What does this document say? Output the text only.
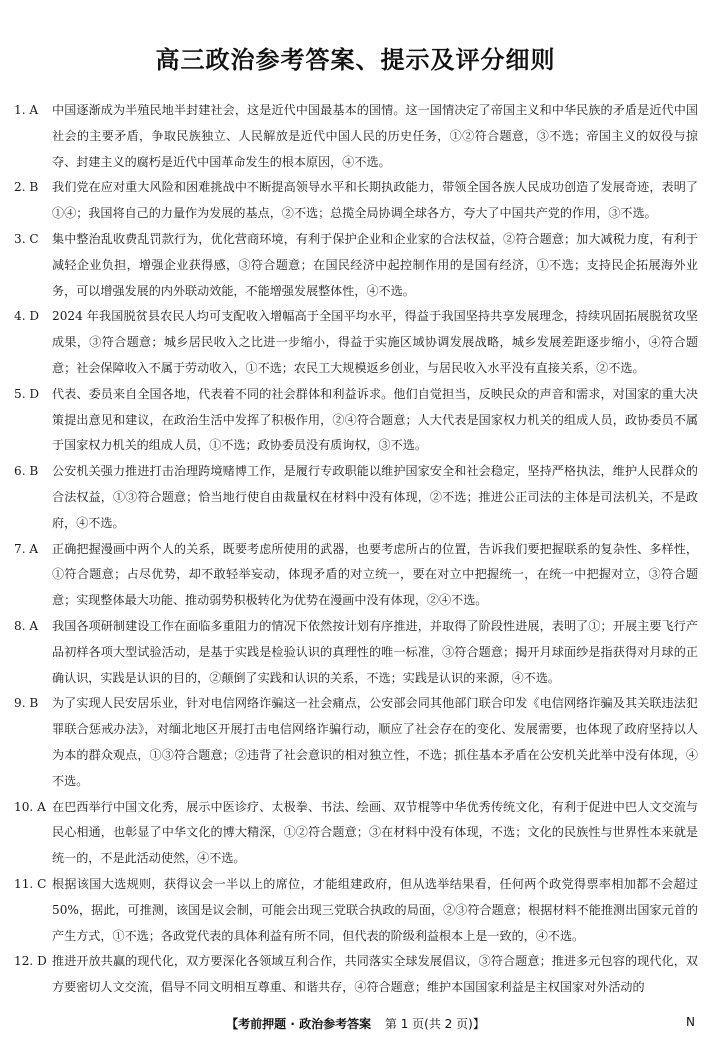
高三政治参考答案、提示及评分细则
1. A	中国逐渐成为半殖民地半封建社会，这是近代中国最基本的国情。这一国情决定了帝国主义和中华民族的矛盾是近代中国社会的主要矛盾，争取民族独立、人民解放是近代中国人民的历史任务，①②符合题意，③不选；帝国主义的奴役与掠夺、封建主义的腐朽是近代中国革命发生的根本原因，④不选。
2. B	我们党在应对重大风险和困难挑战中不断提高领导水平和长期执政能力，带领全国各族人民成功创造了发展奇迹，表明了①④；我国将自己的力量作为发展的基点，②不选；总揽全局协调全球各方，夸大了中国共产党的作用，③不选。
3. C	集中整治乱收费乱罚款行为，优化营商环境，有利于保护企业和企业家的合法权益，②符合题意；加大减税力度，有利于减轻企业负担，增强企业获得感，③符合题意；在国民经济中起控制作用的是国有经济，①不选；支持民企拓展海外业务，可以增强发展的内外联动效能，不能增强发展整体性，④不选。
4. D	2024 年我国脱贫县农民人均可支配收入增幅高于全国平均水平，得益于我国坚持共享发展理念，持续巩固拓展脱贫攻坚成果，③符合题意；城乡居民收入之比进一步缩小，得益于实施区域协调发展战略，城乡发展差距逐步缩小，④符合题意；社会保障收入不属于劳动收入，①不选；农民工大规模返乡创业，与居民收入水平没有直接关系，②不选。
5. D	代表、委员来自全国各地，代表着不同的社会群体和利益诉求。他们自觉担当，反映民众的声音和需求，对国家的重大决策提出意见和建议，在政治生活中发挥了积极作用，②④符合题意；人大代表是国家权力机关的组成人员，政协委员不属于国家权力机关的组成人员，①不选；政协委员没有质询权，③不选。
6. B	公安机关强力推进打击治理跨境赌博工作，是履行专政职能以维护国家安全和社会稳定，坚持严格执法，维护人民群众的合法权益，①③符合题意；恰当地行使自由裁量权在材料中没有体现，②不选；推进公正司法的主体是司法机关，不是政府，④不选。
7. A	正确把握漫画中两个人的关系，既要考虑所使用的武器，也要考虑所占的位置，告诉我们要把握联系的复杂性、多样性，①符合题意；占尽优势，却不敢轻举妄动，体现矛盾的对立统一，要在对立中把握统一，在统一中把握对立，③符合题意；实现整体最大功能、推动弱势积极转化为优势在漫画中没有体现，②④不选。
8. A	我国各项研制建设工作在面临多重阻力的情况下依然按计划有序推进，并取得了阶段性进展，表明了①；开展主要飞行产品初样各项大型试验活动，是基于实践是检验认识的真理性的唯一标准，③符合题意；揭开月球面纱是指获得对月球的正确认识，实践是认识的目的，②颠倒了实践和认识的关系，不选；实践是认识的来源，④不选。
9. B	为了实现人民安居乐业，针对电信网络诈骗这一社会痛点，公安部会同其他部门联合印发《电信网络诈骗及其关联违法犯罪联合惩戒办法》，对缅北地区开展打击电信网络诈骗行动，顺应了社会存在的变化、发展需要，也体现了政府坚持以人为本的群众观点，①③符合题意；②违背了社会意识的相对独立性，不选；抓住基本矛盾在公安机关此举中没有体现，④不选。
10. A 在巴西举行中国文化秀，展示中医诊疗、太极拳、书法、绘画、双节棍等中华优秀传统文化，有利于促进中巴人文交流与民心相通，也彰显了中华文化的博大精深，①②符合题意；③在材料中没有体现，不选；文化的民族性与世界性本来就是统一的，不是此活动使然，④不选。
11. C 根据该国大选规则，获得议会一半以上的席位，才能组建政府，但从选举结果看，任何两个政党得票率相加都不会超过 50%，据此，可推测，该国是议会制，可能会出现三党联合执政的局面，②③符合题意；根据材料不能推测出国家元首的产生方式，①不选；各政党代表的具体利益有所不同，但代表的阶级利益根本上是一致的，④不选。
12. D 推进开放共赢的现代化，双方要深化各领域互利合作，共同落实全球发展倡议，③符合题意；推进多元包容的现代化，双方要密切人文交流，倡导不同文明相互尊重、和谐共存，④符合题意；维护本国国家利益是主权国家对外活动的
【考前押题 · 政治参考答案 第 1 页(共 2 页)】	N
